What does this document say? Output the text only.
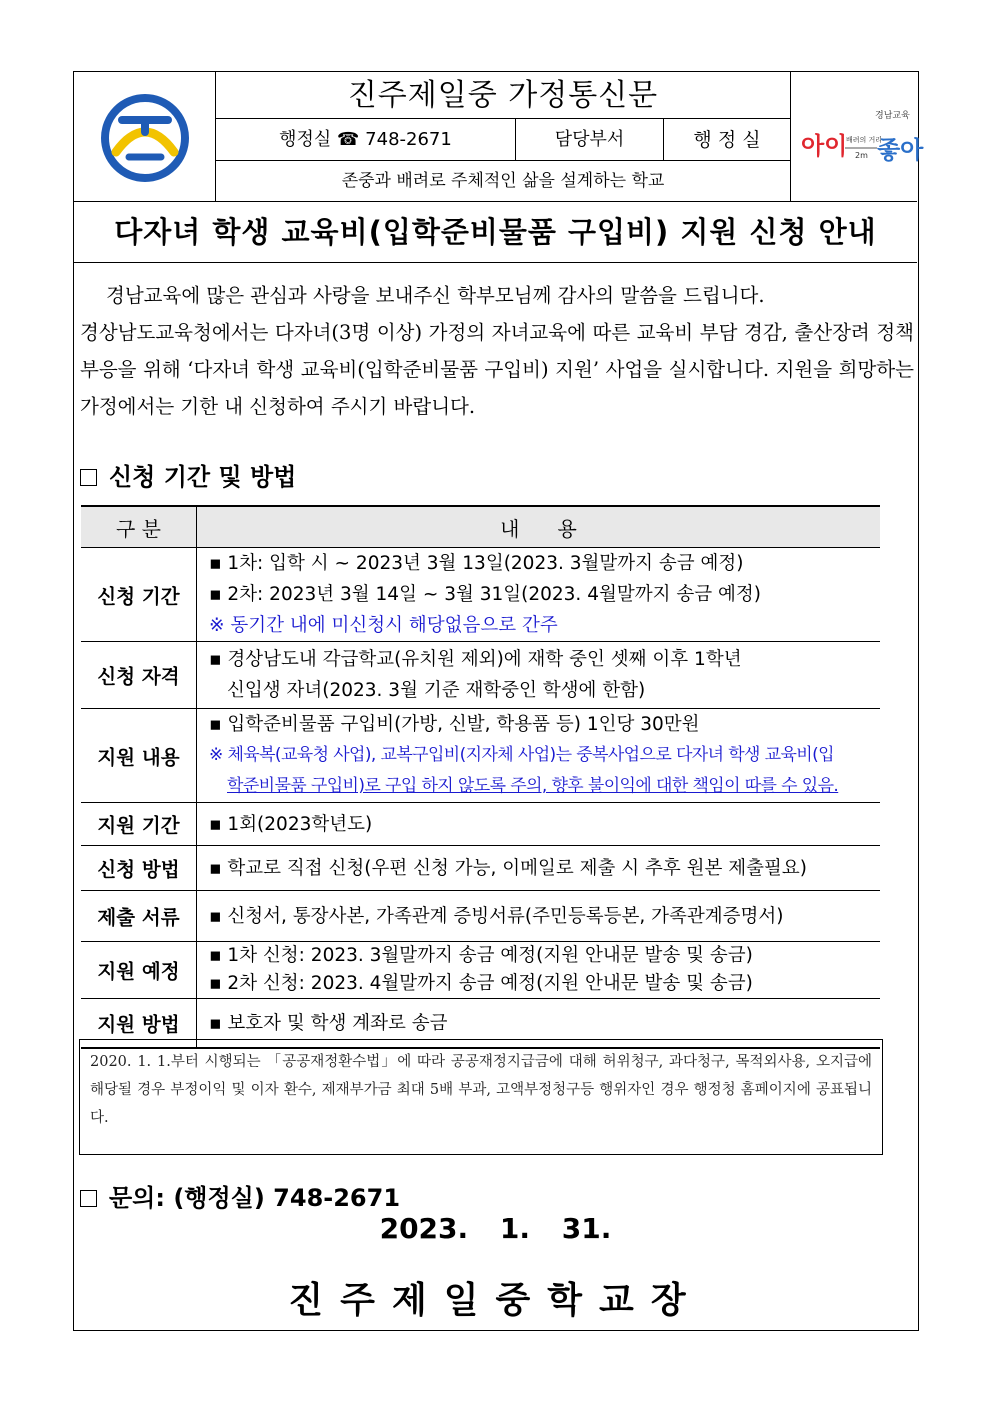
진주제일중 가정통신문
행정실 ☎ 748-2671	담당부서	행 정 실
존중과 배려로 주체적인 삶을 설계하는 학교
경남교육
아이
배려의 거리
2m 좋아
다자녀 학생 교육비(입학준비물품 구입비) 지원 신청 안내

경남교육에 많은 관심과 사랑을 보내주신 학부모님께 감사의 말씀을 드립니다.

경상남도교육청에서는 다자녀(3명 이상) 가정의 자녀교육에 따른 교육비 부담 경감, 출산장려 정책 부응을 위해 ‘다자녀 학생 교육비(입학준비물품 구입비) 지원’ 사업을 실시합니다. 지원을 희망하는 가정에서는 기한 내 신청하여 주시기 바랍니다.

신청 기간 및 방법
구 분	내      용
신청 기간	▪ 1차: 입학 시 ~ 2023년 3월 13일(2023. 3월말까지 송금 예정)
▪ 2차: 2023년 3월 14일 ~ 3월 31일(2023. 4월말까지 송금 예정)
※ 동기간 내에 미신청시 해당없음으로 간주

신청 자격	▪ 경상남도내 각급학교(유치원 제외)에 재학 중인 셋째 이후 1학년
신입생 자녀(2023. 3월 기준 재학중인 학생에 한함)

지원 내용	▪ 입학준비물품 구입비(가방, 신발, 학용품 등) 1인당 30만원
※ 체육복(교육청 사업), 교복구입비(지자체 사업)는 중복사업으로 다자녀 학생 교육비(입
학준비물품 구입비)로 구입 하지 않도록 주의, 향후 불이익에 대한 책임이 따를 수 있음.

지원 기간	▪ 1회(2023학년도)

신청 방법	▪ 학교로 직접 신청(우편 신청 가능, 이메일로 제출 시 추후 원본 제출필요)

제출 서류	▪ 신청서, 통장사본, 가족관계 증빙서류(주민등록등본, 가족관계증명서)

지원 예정	▪ 1차 신청: 2023. 3월말까지 송금 예정(지원 안내문 발송 및 송금)
▪ 2차 신청: 2023. 4월말까지 송금 예정(지원 안내문 발송 및 송금)

지원 방법	▪ 보호자 및 학생 계좌로 송금
2020. 1. 1.부터 시행되는 「공공재정환수법」에 따라 공공재정지급금에 대해 허위청구, 과다청구, 목적외사용, 오지급에 해당될 경우 부정이익 및 이자 환수, 제재부가금 최대 5배 부과, 고액부정청구등 행위자인 경우 행정청 홈페이지에 공표됩니다.
문의: (행정실) 748-2671
2023. 1. 31.
진주제일중학교장
